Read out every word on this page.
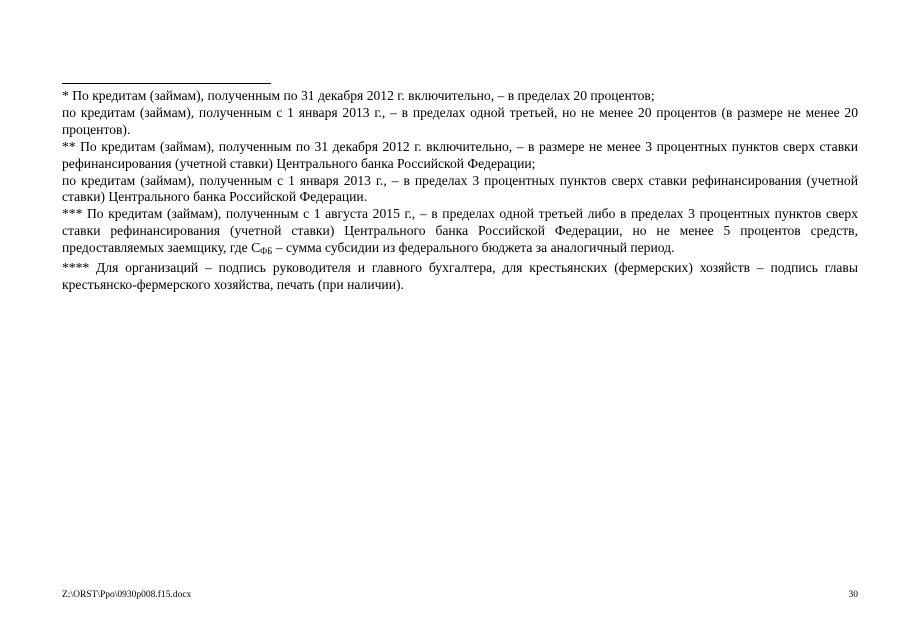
* По кредитам (займам), полученным по 31 декабря 2012 г. включительно, – в пределах 20 процентов;
по кредитам (займам), полученным с 1 января 2013 г., – в пределах одной третьей, но не менее 20 процентов (в размере не менее 20 процентов).
** По кредитам (займам), полученным по 31 декабря 2012 г. включительно, – в размере не менее 3 процентных пунктов сверх ставки рефинансирования (учетной ставки) Центрального банка Российской Федерации;
по кредитам (займам), полученным с 1 января 2013 г., – в пределах 3 процентных пунктов сверх ставки рефинансирования (учетной ставки) Центрального банка Российской Федерации.
*** По кредитам (займам), полученным с 1 августа 2015 г., – в пределах одной третьей либо в пределах 3 процентных пунктов сверх ставки рефинансирования (учетной ставки) Центрального банка Российской Федерации, но не менее 5 процентов средств, предоставляемых заемщику, где $С_{ФБ}$ – сумма субсидии из федерального бюджета за аналогичный период.
**** Для организаций – подпись руководителя и главного бухгалтера, для крестьянских (фермерских) хозяйств – подпись главы крестьянско-фермерского хозяйства, печать (при наличии).
Z:\ORST\Ppo\0930p008.f15.docx	30
